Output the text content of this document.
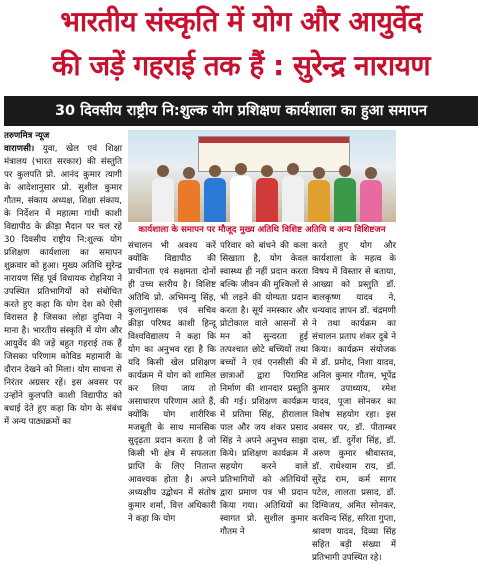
भारतीय संस्कृति में योग और आयुर्वेद
की जड़ें गहराई तक हैं : सुरेन्द्र नारायण
30 दिवसीय राष्ट्रीय नि:शुल्क योग प्रशिक्षण कार्यशाला का हुआ समापन

तरुणमित्र न्यूज

वाराणसी। युवा, खेल एवं शिक्षा मंत्रालय (भारत सरकार) की संस्तुति पर कुलपति प्रो. आनंद कुमार त्यागी के आदेशानुसार प्रो. सुशील कुमार गौतम, संकाय अध्यक्ष, शिक्षा संकाय, के निर्देशन में महात्मा गांधी काशी विद्यापीठ के क्रीड़ा मैदान पर चल रहे 30 दिवसीय राष्ट्रीय नि:शुल्क योग प्रशिक्षण कार्यशाला का समापन शुक्रवार को हुआ। मुख्य अतिथि सुरेन्द्र नारायण सिंह पूर्व विधायक रोहनिया ने उपस्थित प्रतिभागियों को संबोधित करते हुए कहा कि योग देश को ऐसी विरासत है जिसका लोहा दुनिया ने माना है। भारतीय संस्कृति में योग और आयुर्वेद की जड़ें बहुत गहराई तक हैं जिसका परिणाम कोविड महामारी के दौरान देखने को मिला। योग साधना से निरंतर अग्रसर रहें। इस अवसर पर उन्होंने कुलपति काशी विद्यापीठ को बधाई देते हुए कहा कि योग के संबंध में अन्य पाठ्यक्रमों का

कार्यशाला के समापन पर मौजूद मुख्य अतिथि विशिष्ट अतिथि व अन्य विशिष्टजन

संचालन भी अवश्य करें क्योंकि विद्यापीठ की प्राचीनता एवं सक्षमता दोनों ही उच्च स्तरीय है। विशिष्ट अतिथि प्रो. अभिमन्यु सिंह, कुलानुशासक एवं सचिव क्रीड़ा परिषद काशी हिन्दू विश्वविद्यालय ने कहा कि योग का अनुभव रहा है कि यदि किसी खेल प्रशिक्षण कार्यक्रम में योग को शामिल कर लिया जाय तो असाधारण परिणाम आते हैं, क्योंकि योग शारीरिक मजबूती के साथ मानसिक सुदृढ़ता प्रदान करता है जो किसी भी क्षेत्र में सफलता प्राप्ति के लिए नितान्त आवश्यक होता है। अपने अध्यक्षीय उद्बोधन में संतोष कुमार शर्मा, वित्त अधिकारी ने कहा कि योग

परिवार को बांधने की कला सिखाता है, योग केवल स्वास्थ्य ही नहीं प्रदान करता बल्कि जीवन की मुश्किलों से भी लड़ने की योग्यता प्रदान करता है। सूर्य नमस्कार और प्रोटोकाल वाले आसनों से मन को सुन्दरता हुई तत्पश्चात छोटे बच्चियों तथा बच्चों ने एवं एनसीसी की छात्राओं द्वारा पिरामिड निर्माण की शानदार प्रस्तुति की गई। प्रशिक्षण कार्यक्रम में प्रतिमा सिंह, हीरालाल पाल और जय शंकर प्रसाद सिंह ने अपने अनुभव साझा किये। प्रशिक्षण कार्यक्रम में सहयोग करने वाले प्रतिभागियों को अतिथियों द्वारा प्रमाण पत्र भी प्रदान किया गया। अतिथियों का स्वागत प्रो. सुशील कुमार गौतम ने

करते हुए योग और कार्यशाला के महत्व के विषय में विस्तार से बताया, आख्या को प्रस्तुति डॉ. बालकृष्ण यादव ने, धन्यवाद ज्ञापन डॉ. चंद्रमणी ने तथा कार्यक्रम का संचालन प्रताप शंकर दुबे ने किया। कार्यक्रम संयोजक में डॉ. प्रमोद, निशा यादव, अनिल कुमार गौतम, भूपेंद्र कुमार उपाध्याय, रमेश यादव, पूजा सोनकर का विशेष सहयोग रहा। इस अवसर पर, डॉ. पीताम्बर दास, डॉ. दुर्गेश सिंह, डॉ. अरुण कुमार श्रीवास्तव, डॉ. राधेश्याम राय, डॉ. सुरेंद्र राम, कर्म सागर पटेल, लालता प्रसाद, डॉ. दिग्विजय, अमित सोनकर, करविन्द सिंह, सरिता गुप्ता, श्रावण यादव, दिव्या सिंह सहित बड़ी संख्या में प्रतिभागी उपस्थित रहे।
